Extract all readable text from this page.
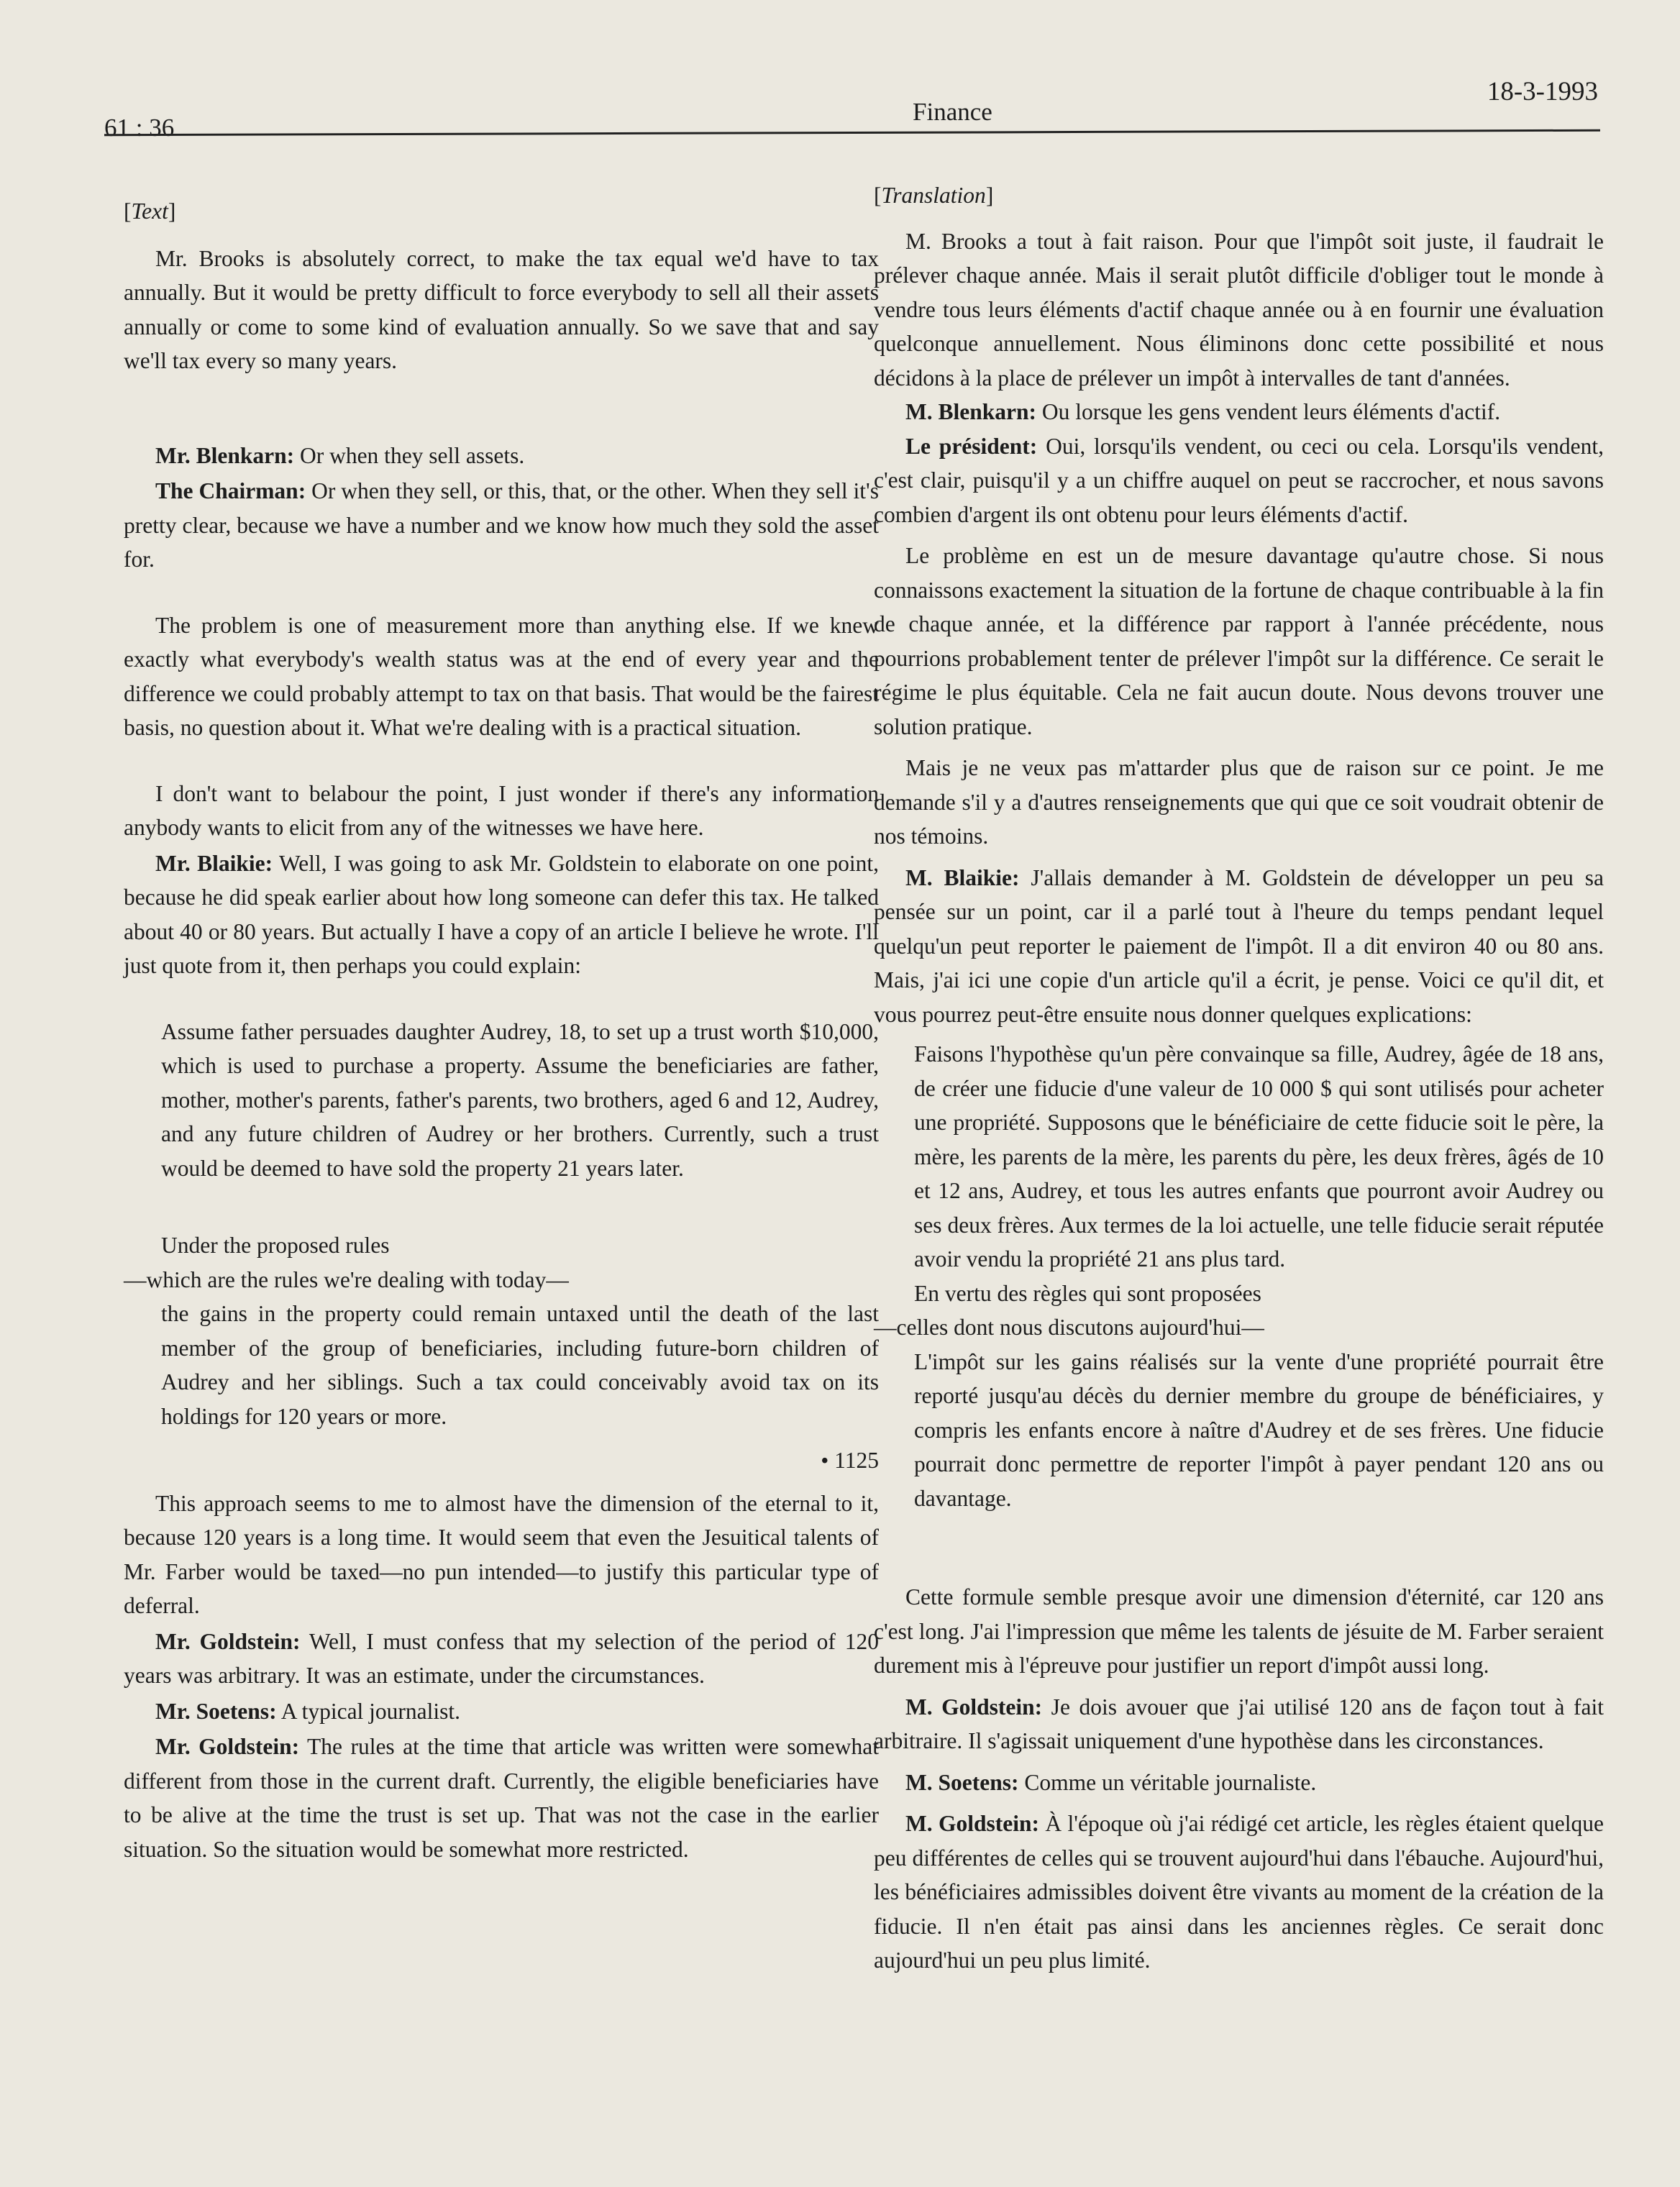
61 : 36
Finance
18-3-1993

[Text]

Mr. Brooks is absolutely correct, to make the tax equal we'd have to tax annually. But it would be pretty difficult to force everybody to sell all their assets annually or come to some kind of evaluation annually. So we save that and say we'll tax every so many years.

Mr. Blenkarn: Or when they sell assets.

The Chairman: Or when they sell, or this, that, or the other. When they sell it's pretty clear, because we have a number and we know how much they sold the asset for.

The problem is one of measurement more than anything else. If we knew exactly what everybody's wealth status was at the end of every year and the difference we could probably attempt to tax on that basis. That would be the fairest basis, no question about it. What we're dealing with is a practical situation.

I don't want to belabour the point, I just wonder if there's any information anybody wants to elicit from any of the witnesses we have here.

Mr. Blaikie: Well, I was going to ask Mr. Goldstein to elaborate on one point, because he did speak earlier about how long someone can defer this tax. He talked about 40 or 80 years. But actually I have a copy of an article I believe he wrote. I'll just quote from it, then perhaps you could explain:

Assume father persuades daughter Audrey, 18, to set up a trust worth $10,000, which is used to purchase a property. Assume the beneficiaries are father, mother, mother's parents, father's parents, two brothers, aged 6 and 12, Audrey, and any future children of Audrey or her brothers. Currently, such a trust would be deemed to have sold the property 21 years later.

Under the proposed rules

—which are the rules we're dealing with today—

the gains in the property could remain untaxed until the death of the last member of the group of beneficiaries, including future-born children of Audrey and her siblings. Such a tax could conceivably avoid tax on its holdings for 120 years or more.

• 1125

This approach seems to me to almost have the dimension of the eternal to it, because 120 years is a long time. It would seem that even the Jesuitical talents of Mr. Farber would be taxed—no pun intended—to justify this particular type of deferral.

Mr. Goldstein: Well, I must confess that my selection of the period of 120 years was arbitrary. It was an estimate, under the circumstances.

Mr. Soetens: A typical journalist.

Mr. Goldstein: The rules at the time that article was written were somewhat different from those in the current draft. Currently, the eligible beneficiaries have to be alive at the time the trust is set up. That was not the case in the earlier situation. So the situation would be somewhat more restricted.

[Translation]

M. Brooks a tout à fait raison. Pour que l'impôt soit juste, il faudrait le prélever chaque année. Mais il serait plutôt difficile d'obliger tout le monde à vendre tous leurs éléments d'actif chaque année ou à en fournir une évaluation quelconque annuellement. Nous éliminons donc cette possibilité et nous décidons à la place de prélever un impôt à intervalles de tant d'années.

M. Blenkarn: Ou lorsque les gens vendent leurs éléments d'actif.

Le président: Oui, lorsqu'ils vendent, ou ceci ou cela. Lorsqu'ils vendent, c'est clair, puisqu'il y a un chiffre auquel on peut se raccrocher, et nous savons combien d'argent ils ont obtenu pour leurs éléments d'actif.

Le problème en est un de mesure davantage qu'autre chose. Si nous connaissons exactement la situation de la fortune de chaque contribuable à la fin de chaque année, et la différence par rapport à l'année précédente, nous pourrions probablement tenter de prélever l'impôt sur la différence. Ce serait le régime le plus équitable. Cela ne fait aucun doute. Nous devons trouver une solution pratique.

Mais je ne veux pas m'attarder plus que de raison sur ce point. Je me demande s'il y a d'autres renseignements que qui que ce soit voudrait obtenir de nos témoins.

M. Blaikie: J'allais demander à M. Goldstein de développer un peu sa pensée sur un point, car il a parlé tout à l'heure du temps pendant lequel quelqu'un peut reporter le paiement de l'impôt. Il a dit environ 40 ou 80 ans. Mais, j'ai ici une copie d'un article qu'il a écrit, je pense. Voici ce qu'il dit, et vous pourrez peut-être ensuite nous donner quelques explications:

Faisons l'hypothèse qu'un père convainque sa fille, Audrey, âgée de 18 ans, de créer une fiducie d'une valeur de 10 000 $ qui sont utilisés pour acheter une propriété. Supposons que le bénéficiaire de cette fiducie soit le père, la mère, les parents de la mère, les parents du père, les deux frères, âgés de 10 et 12 ans, Audrey, et tous les autres enfants que pourront avoir Audrey ou ses deux frères. Aux termes de la loi actuelle, une telle fiducie serait réputée avoir vendu la propriété 21 ans plus tard.

En vertu des règles qui sont proposées

—celles dont nous discutons aujourd'hui—

L'impôt sur les gains réalisés sur la vente d'une propriété pourrait être reporté jusqu'au décès du dernier membre du groupe de bénéficiaires, y compris les enfants encore à naître d'Audrey et de ses frères. Une fiducie pourrait donc permettre de reporter l'impôt à payer pendant 120 ans ou davantage.

Cette formule semble presque avoir une dimension d'éternité, car 120 ans c'est long. J'ai l'impression que même les talents de jésuite de M. Farber seraient durement mis à l'épreuve pour justifier un report d'impôt aussi long.

M. Goldstein: Je dois avouer que j'ai utilisé 120 ans de façon tout à fait arbitraire. Il s'agissait uniquement d'une hypothèse dans les circonstances.

M. Soetens: Comme un véritable journaliste.

M. Goldstein: À l'époque où j'ai rédigé cet article, les règles étaient quelque peu différentes de celles qui se trouvent aujourd'hui dans l'ébauche. Aujourd'hui, les bénéficiaires admissibles doivent être vivants au moment de la création de la fiducie. Il n'en était pas ainsi dans les anciennes règles. Ce serait donc aujourd'hui un peu plus limité.
